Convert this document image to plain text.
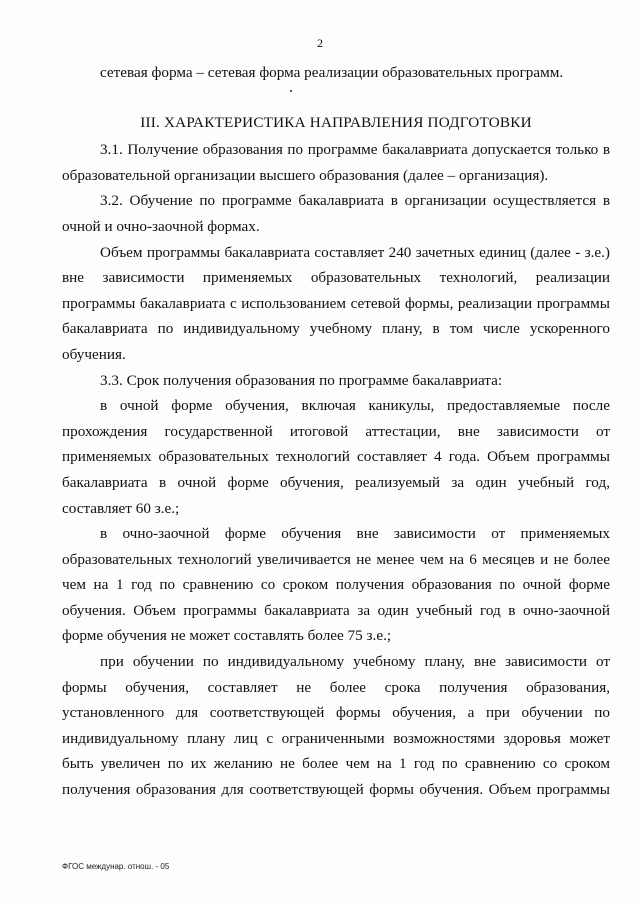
2

сетевая форма – сетевая форма реализации образовательных программ.

III. ХАРАКТЕРИСТИКА НАПРАВЛЕНИЯ ПОДГОТОВКИ

3.1. Получение образования по программе бакалавриата допускается только в образовательной организации высшего образования (далее – организация).

3.2. Обучение по программе бакалавриата в организации осуществляется в очной и очно-заочной формах.

Объем программы бакалавриата составляет 240 зачетных единиц (далее - з.е.) вне зависимости применяемых образовательных технологий, реализации программы бакалавриата с использованием сетевой формы, реализации программы бакалавриата по индивидуальному учебному плану, в том числе ускоренного обучения.

3.3. Срок получения образования по программе бакалавриата:

в очной форме обучения, включая каникулы, предоставляемые после прохождения государственной итоговой аттестации, вне зависимости от применяемых образовательных технологий составляет 4 года. Объем программы бакалавриата в очной форме обучения, реализуемый за один учебный год, составляет 60 з.е.;

в очно-заочной форме обучения вне зависимости от применяемых образовательных технологий увеличивается не менее чем на 6 месяцев и не более чем на 1 год по сравнению со сроком получения образования по очной форме обучения. Объем программы бакалавриата за один учебный год в очно-заочной форме обучения не может составлять более 75 з.е.;

при обучении по индивидуальному учебному плану, вне зависимости от формы обучения, составляет не более срока получения образования, установленного для соответствующей формы обучения, а при обучении по индивидуальному плану лиц с ограниченными возможностями здоровья может быть увеличен по их желанию не более чем на 1 год по сравнению со сроком получения образования для соответствующей формы обучения. Объем программы

ФГОС междунар. отнош. - 05
